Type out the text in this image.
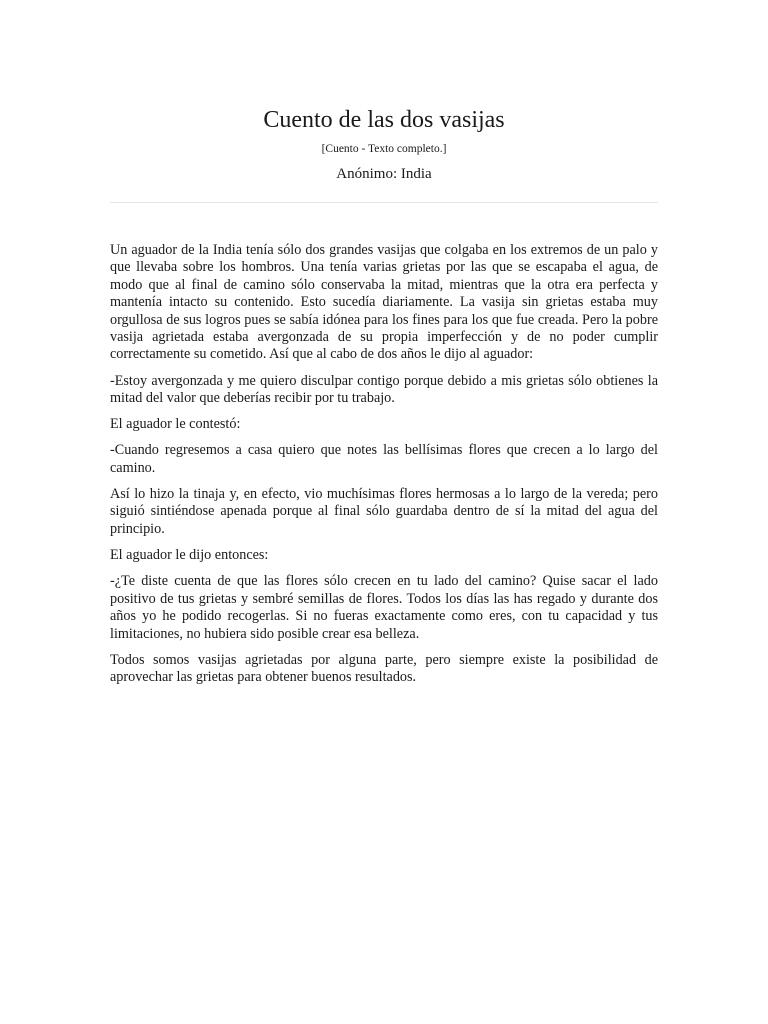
Cuento de las dos vasijas
[Cuento - Texto completo.]
Anónimo: India

Un aguador de la India tenía sólo dos grandes vasijas que colgaba en los extremos de un palo y que llevaba sobre los hombros. Una tenía varias grietas por las que se escapaba el agua, de modo que al final de camino sólo conservaba la mitad, mientras que la otra era perfecta y mantenía intacto su contenido. Esto sucedía diariamente. La vasija sin grietas estaba muy orgullosa de sus logros pues se sabía idónea para los fines para los que fue creada. Pero la pobre vasija agrietada estaba avergonzada de su propia imperfección y de no poder cumplir correctamente su cometido. Así que al cabo de dos años le dijo al aguador:

-Estoy avergonzada y me quiero disculpar contigo porque debido a mis grietas sólo obtienes la mitad del valor que deberías recibir por tu trabajo.

El aguador le contestó:

-Cuando regresemos a casa quiero que notes las bellísimas flores que crecen a lo largo del camino.

Así lo hizo la tinaja y, en efecto, vio muchísimas flores hermosas a lo largo de la vereda; pero siguió sintiéndose apenada porque al final sólo guardaba dentro de sí la mitad del agua del principio.

El aguador le dijo entonces:

-¿Te diste cuenta de que las flores sólo crecen en tu lado del camino? Quise sacar el lado positivo de tus grietas y sembré semillas de flores. Todos los días las has regado y durante dos años yo he podido recogerlas. Si no fueras exactamente como eres, con tu capacidad y tus limitaciones, no hubiera sido posible crear esa belleza.

Todos somos vasijas agrietadas por alguna parte, pero siempre existe la posibilidad de aprovechar las grietas para obtener buenos resultados.
